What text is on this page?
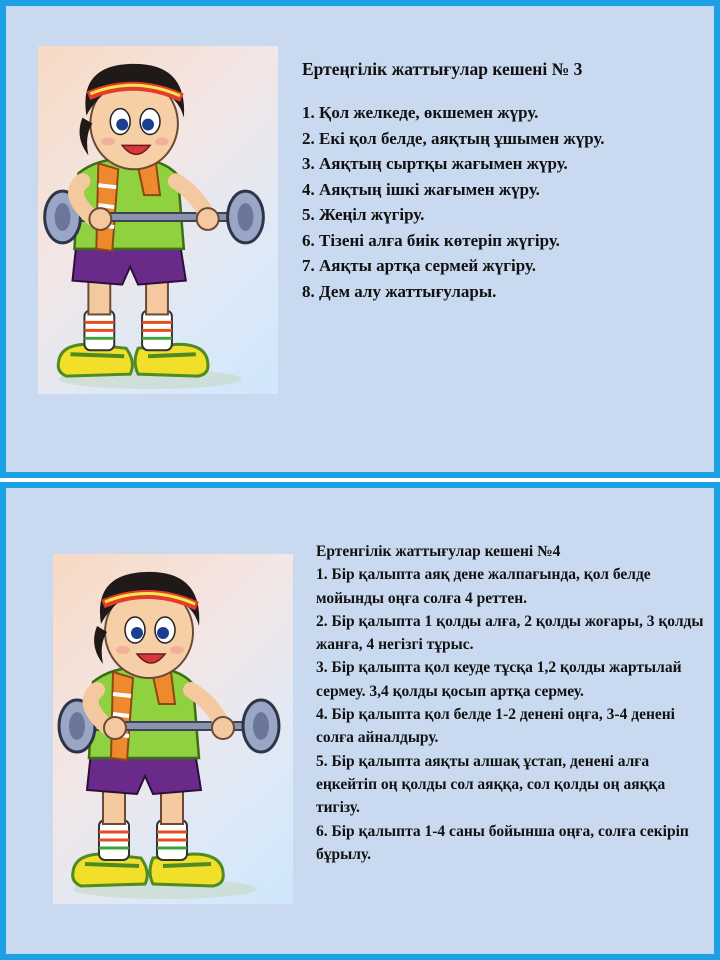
Ертеңгілік жаттығулар кешені № 3

1. Қол желкеде, өкшемен жүру.

2. Екі қол белде, аяқтың ұшымен жүру.

3. Аяқтың сыртқы жағымен жүру.

4. Аяқтың ішкі жағымен жүру.

5. Жеңіл жүгіру.

6. Тізені алға биік көтеріп жүгіру.

7. Аяқты артқа сермей жүгіру.

8. Дем алу жаттығулары.

Ертенгілік жаттығулар кешені №4

1. Бір қалыпта аяқ дене жалпағында, қол белде мойынды оңға солға 4 реттен.

2. Бір қалыпта 1 қолды алға, 2 қолды жоғары, 3 қолды жанға, 4 негізгі тұрыс.

3. Бір қалыпта қол кеуде тұсқа 1,2 қолды жартылай сермеу. 3,4 қолды қосып артқа сермеу.

4. Бір қалыпта қол белде 1-2 денені оңға, 3-4 денені солға айналдыру.

5. Бір қалыпта аяқты алшақ ұстап, денені алға еңкейтіп оң қолды сол аяққа, сол қолды оң аяққа тигізу.

6. Бір қалыпта 1-4 саны бойынша оңға, солға секіріп бұрылу.
